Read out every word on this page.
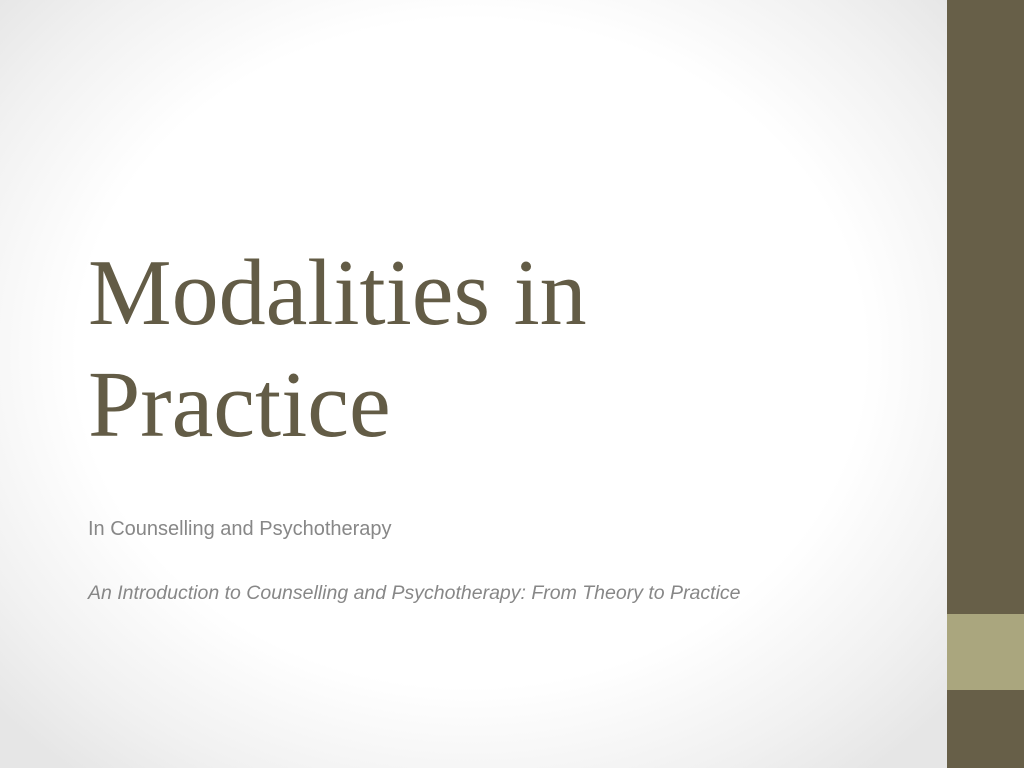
Modalities in
Practice
In Counselling and Psychotherapy
An Introduction to Counselling and Psychotherapy: From Theory to Practice
